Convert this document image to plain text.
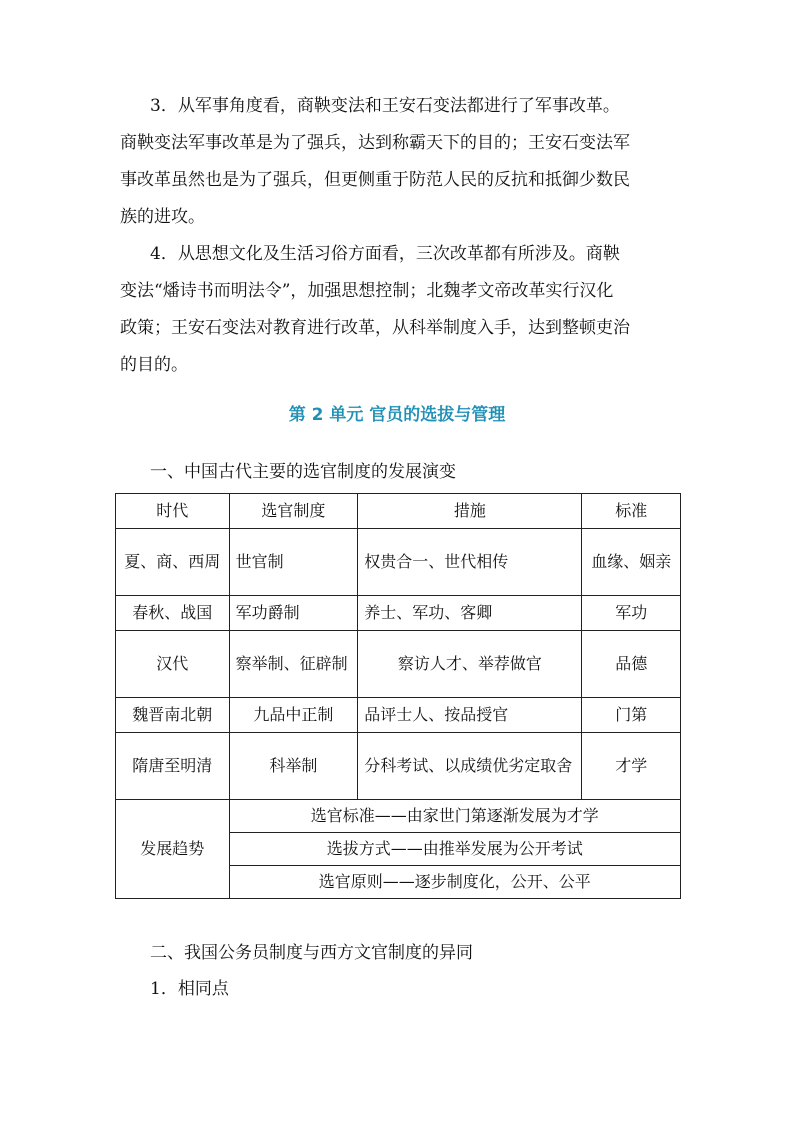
3．从军事角度看，商鞅变法和王安石变法都进行了军事改革。
商鞅变法军事改革是为了强兵，达到称霸天下的目的；王安石变法军
事改革虽然也是为了强兵，但更侧重于防范人民的反抗和抵御少数民
族的进攻。

4．从思想文化及生活习俗方面看，三次改革都有所涉及。商鞅
变法“燔诗书而明法令”，加强思想控制；北魏孝文帝改革实行汉化
政策；王安石变法对教育进行改革，从科举制度入手，达到整顿吏治
的目的。

第 2 单元 官员的选拔与管理
一、中国古代主要的选官制度的发展演变
时代	选官制度	措施	标准
夏、商、西周	世官制	权贵合一、世代相传	血缘、姻亲
春秋、战国	军功爵制	养士、军功、客卿	军功
汉代	察举制、征辟制	察访人才、举荐做官	品德
魏晋南北朝	九品中正制	品评士人、按品授官	门第
隋唐至明清	科举制	分科考试、以成绩优劣定取舍	才学
发展趋势	选官标准——由家世门第逐渐发展为才学		
	选拔方式——由推举发展为公开考试		
	选官原则——逐步制度化，公开、公平		
二、我国公务员制度与西方文官制度的异同
1．相同点
